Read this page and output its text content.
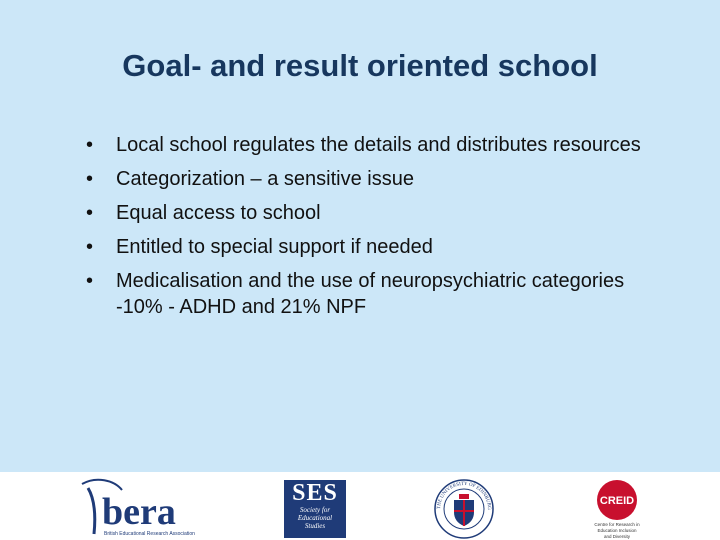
Goal- and result oriented school
• Local school regulates the details and distributes resources
• Categorization – a sensitive issue
• Equal access to school
• Entitled to special support if needed
• Medicalisation and the use of neuropsychiatric categories -10% - ADHD and 21% NPF
bera
British Educational Research Association
SES
Society for
Educational
Studies
THE UNIVERSITY OF EDINBURG
CREID
Centre for Research in
Education Inclusion
and Diversity
